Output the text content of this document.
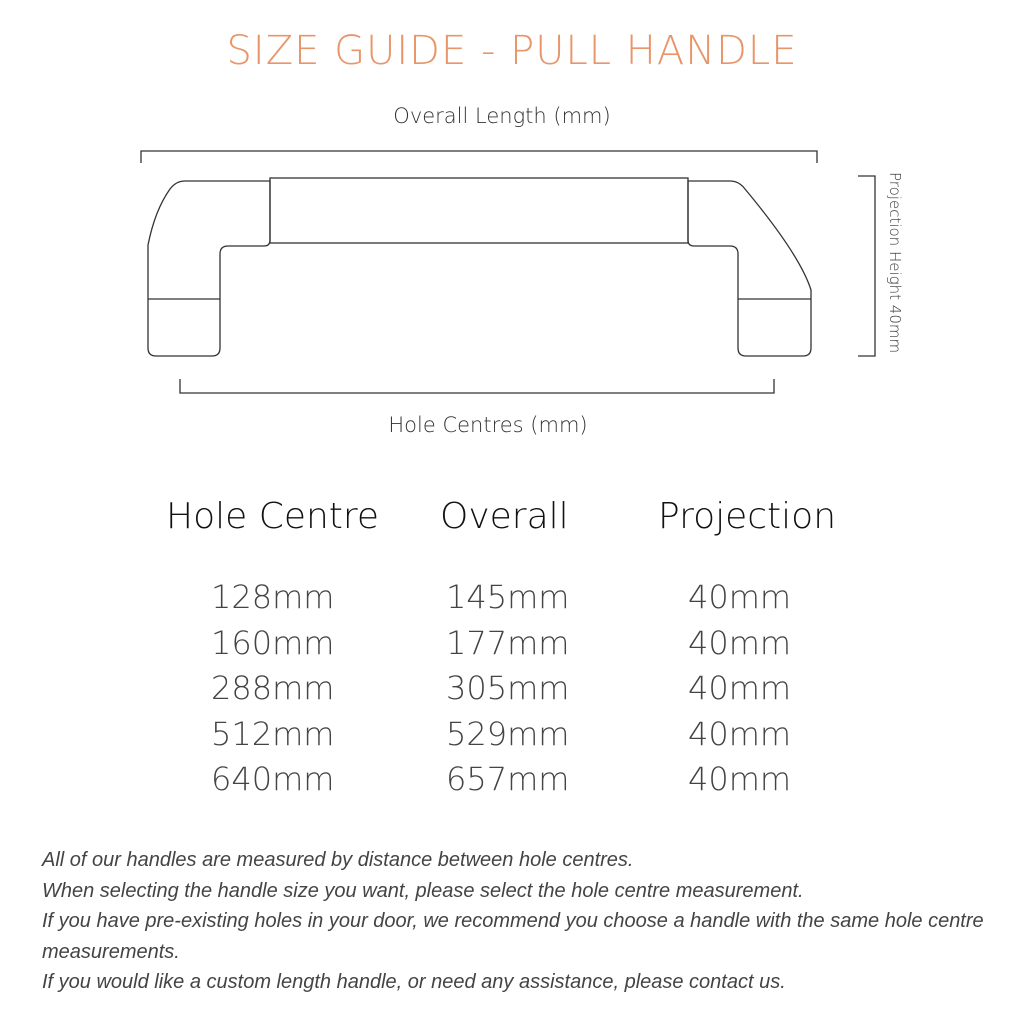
SIZE GUIDE - PULL HANDLE
Overall Length (mm)
Projection Height 40mm
Hole Centres (mm)
Hole Centre Overall Projection
128mm
160mm
288mm
512mm
640mm
145mm
177mm
305mm
529mm
657mm
40mm
40mm
40mm
40mm
40mm
All of our handles are measured by distance between hole centres.
When selecting the handle size you want, please select the hole centre measurement.
If you have pre-existing holes in your door, we recommend you choose a handle with the same hole centre measurements.
If you would like a custom length handle, or need any assistance, please contact us.
